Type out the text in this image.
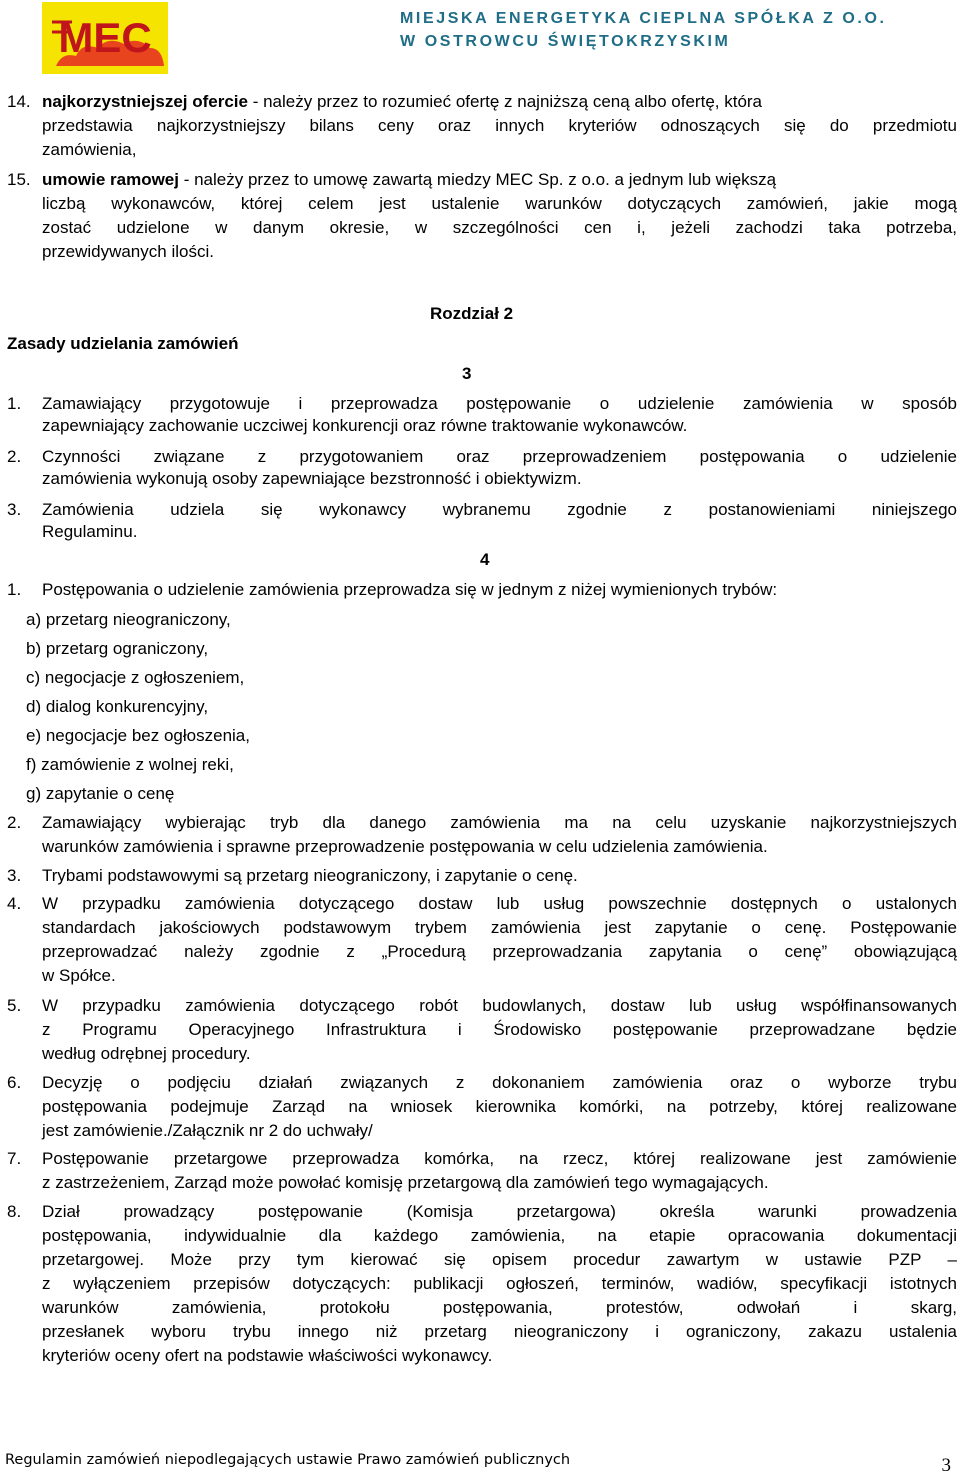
MEC	MIEJSKA ENERGETYKA CIEPLNA SPÓŁKA Z O.O.
W OSTROWCU ŚWIĘTOKRZYSKIM
14. najkorzystniejszej ofercie - należy przez to rozumieć ofertę z najniższą ceną albo ofertę, która
przedstawia najkorzystniejszy bilans ceny oraz innych kryteriów odnoszących się do przedmiotu
zamówienia,
15. umowie ramowej - należy przez to umowę zawartą miedzy MEC Sp. z o.o. a jednym lub większą
liczbą wykonawców, której celem jest ustalenie warunków dotyczących zamówień, jakie mogą
zostać udzielone w danym okresie, w szczególności cen i, jeżeli zachodzi taka potrzeba,
przewidywanych ilości.
Rozdział 2
Zasady udzielania zamówień
3
1. Zamawiający przygotowuje i przeprowadza postępowanie o udzielenie zamówienia w sposób
zapewniający zachowanie uczciwej konkurencji oraz równe traktowanie wykonawców.
2. Czynności związane z przygotowaniem oraz przeprowadzeniem postępowania o udzielenie
zamówienia wykonują osoby zapewniające bezstronność i obiektywizm.
3. Zamówienia udziela się wykonawcy wybranemu zgodnie z postanowieniami niniejszego
Regulaminu.
4
1. Postępowania o udzielenie zamówienia przeprowadza się w jednym z niżej wymienionych trybów:
a) przetarg nieograniczony,
b) przetarg ograniczony,
c) negocjacje z ogłoszeniem,
d) dialog konkurencyjny,
e) negocjacje bez ogłoszenia,
f) zamówienie z wolnej reki,
g) zapytanie o cenę
2. Zamawiający wybierając tryb dla danego zamówienia ma na celu uzyskanie najkorzystniejszych
warunków zamówienia i sprawne przeprowadzenie postępowania w celu udzielenia zamówienia.
3. Trybami podstawowymi są przetarg nieograniczony, i zapytanie o cenę.
4. W przypadku zamówienia dotyczącego dostaw lub usług powszechnie dostępnych o ustalonych
standardach jakościowych podstawowym trybem zamówienia jest zapytanie o cenę. Postępowanie
przeprowadzać należy zgodnie z „Procedurą przeprowadzania zapytania o cenę” obowiązującą
w Spółce.
5. W przypadku zamówienia dotyczącego robót budowlanych, dostaw lub usług współfinansowanych
z Programu Operacyjnego Infrastruktura i Środowisko postępowanie przeprowadzane będzie
według odrębnej procedury.
6. Decyzję o podjęciu działań związanych z dokonaniem zamówienia oraz o wyborze trybu
postępowania podejmuje Zarząd na wniosek kierownika komórki, na potrzeby, której realizowane
jest zamówienie./Załącznik nr 2 do uchwały/
7. Postępowanie przetargowe przeprowadza komórka, na rzecz, której realizowane jest zamówienie
z zastrzeżeniem, Zarząd może powołać komisję przetargową dla zamówień tego wymagających.
8. Dział prowadzący postępowanie (Komisja przetargowa) określa warunki prowadzenia
postępowania, indywidualnie dla każdego zamówienia, na etapie opracowania dokumentacji
przetargowej. Może przy tym kierować się opisem procedur zawartym w ustawie PZP –
z wyłączeniem przepisów dotyczących: publikacji ogłoszeń, terminów, wadiów, specyfikacji istotnych
warunków zamówienia, protokołu postępowania, protestów, odwołań i skarg,
przesłanek wyboru trybu innego niż przetarg nieograniczony i ograniczony, zakazu ustalenia
kryteriów oceny ofert na podstawie właściwości wykonawcy.
Regulamin zamówień niepodlegających ustawie Prawo zamówień publicznych	3
